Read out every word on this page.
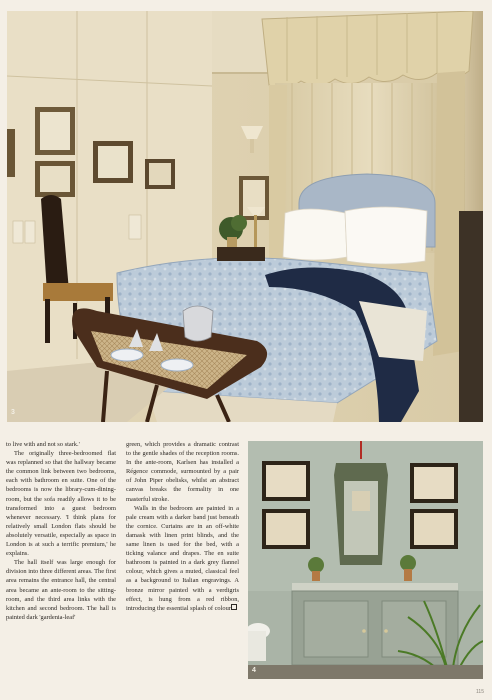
3

to live with and not so stark.'

The originally three-bedroomed flat was replanned so that the hallway became the common link between two bedrooms, each with bathroom en suite. One of the bedrooms is now the library-cum-dining-room, but the sofa readily allows it to be transformed into a guest bedroom whenever necessary. 'I think plans for relatively small London flats should be absolutely versatile, especially as space in London is at such a terrific premium,' he explains.

The hall itself was large enough for division into three different areas. The first area remains the entrance hall, the central area became an ante-room to the sitting-room, and the third area links with the kitchen and second bedroom. The hall is painted dark 'gardenia-leaf'

green, which provides a dramatic contrast to the gentle shades of the reception rooms. In the ante-room, Karlsen has installed a Régence commode, surmounted by a pair of John Piper obelisks, whilst an abstract canvas breaks the formality in one masterful stroke.

Walls in the bedroom are painted in a pale cream with a darker band just beneath the cornice. Curtains are in an off-white damask with linen print blinds, and the same linen is used for the bed, with a ticking valance and drapes. The en suite bathroom is painted in a dark grey flannel colour, which gives a muted, classical feel as a background to Italian engravings. A bronze mirror painted with a verdigris effect, is hung from a red ribbon, introducing the essential splash of colour

4
115
